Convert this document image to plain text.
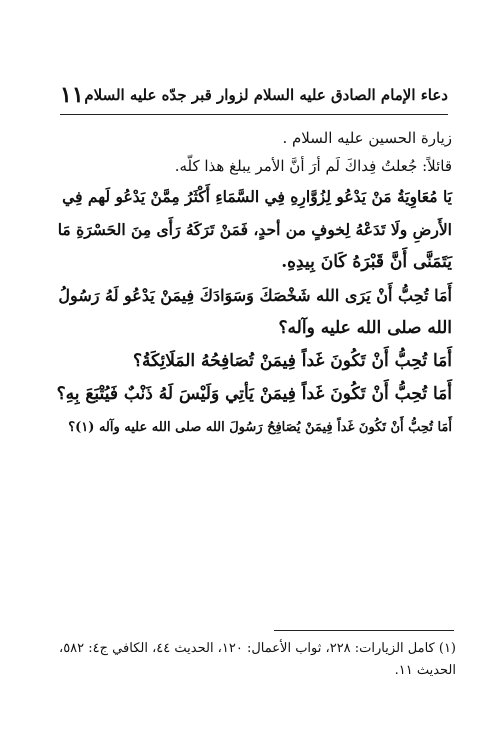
دعاء الإمام الصادق عليه السلام لزوار قبر جدّه عليه السلام
١١
زيارة الحسين عليه السلام .
قائلاً: جُعلتُ فِداكَ لَم أرَ أنَّ الأمر يبلغ هذا كلّه.
يَا مُعَاوِيَةُ مَنْ يَدْعُو لِزُوَّارِهِ فِي السَّمَاءِ أَكْثَرُ مِمَّنْ يَدْعُو لَهم فِي
الأَرضِ ولَا تَدَعْهُ لِخوفٍ من أحدٍ، فَمَنْ تَرَكَهُ رَأَى مِنَ الحَسْرَةِ مَا
يَتَمَنَّى أَنَّ قَبْرَهُ كَانَ بِيدِهِ.
أَمَا تُحِبُّ أَنْ يَرَى الله شَخْصَكَ وَسَوَادَكَ فِيمَنْ يَدْعُو لَهُ رَسُولُ
الله صلى الله عليه وآله؟
أَمَا تُحِبُّ أَنْ تَكُونَ غَداً فِيمَنْ تُصَافِحُهُ المَلَائِكَةُ؟
أَمَا تُحِبُّ أَنْ تَكُونَ غَداً فِيمَنْ يَأتِي وَلَيْسَ لَهُ ذَنْبٌ فَيُتْبَعَ بِهِ؟
أَمَا تُحِبُّ أَنْ تَكُونَ غَداً فِيمَنْ يُصَافِحُ رَسُولَ الله صلى الله عليه وآله (١)؟
(١) كامل الزيارات: ٢٢٨، ثواب الأعمال: ١٢٠، الحديث ٤٤، الكافي ج٤: ٥٨٢،
الحديث ١١.
